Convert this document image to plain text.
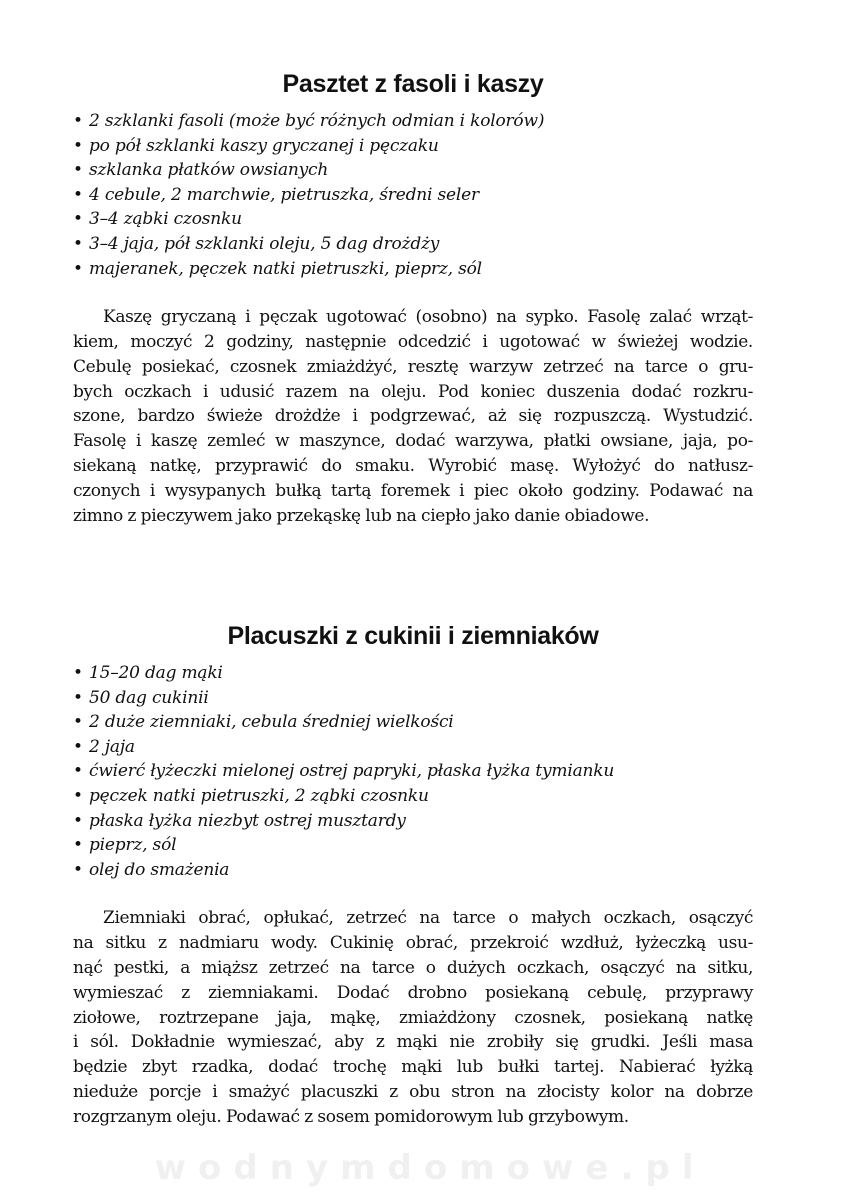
Pasztet z fasoli i kaszy
• 2 szklanki fasoli (może być różnych odmian i kolorów)
• po pół szklanki kaszy gryczanej i pęczaku
• szklanka płatków owsianych
• 4 cebule, 2 marchwie, pietruszka, średni seler
• 3–4 ząbki czosnku
• 3–4 jaja, pół szklanki oleju, 5 dag drożdży
• majeranek, pęczek natki pietruszki, pieprz, sól
Kaszę gryczaną i pęczak ugotować (osobno) na sypko. Fasolę zalać wrząt-
kiem, moczyć 2 godziny, następnie odcedzić i ugotować w świeżej wodzie.
Cebulę posiekać, czosnek zmiażdżyć, resztę warzyw zetrzeć na tarce o gru-
bych oczkach i udusić razem na oleju. Pod koniec duszenia dodać rozkru-
szone, bardzo świeże drożdże i podgrzewać, aż się rozpuszczą. Wystudzić.
Fasolę i kaszę zemleć w maszynce, dodać warzywa, płatki owsiane, jaja, po-
siekaną natkę, przyprawić do smaku. Wyrobić masę. Wyłożyć do natłusz-
czonych i wysypanych bułką tartą foremek i piec około godziny. Podawać na
zimno z pieczywem jako przekąskę lub na ciepło jako danie obiadowe.
Placuszki z cukinii i ziemniaków
• 15–20 dag mąki
• 50 dag cukinii
• 2 duże ziemniaki, cebula średniej wielkości
• 2 jaja
• ćwierć łyżeczki mielonej ostrej papryki, płaska łyżka tymianku
• pęczek natki pietruszki, 2 ząbki czosnku
• płaska łyżka niezbyt ostrej musztardy
• pieprz, sól
• olej do smażenia
Ziemniaki obrać, opłukać, zetrzeć na tarce o małych oczkach, osączyć
na sitku z nadmiaru wody. Cukinię obrać, przekroić wzdłuż, łyżeczką usu-
nąć pestki, a miąższ zetrzeć na tarce o dużych oczkach, osączyć na sitku,
wymieszać z ziemniakami. Dodać drobno posiekaną cebulę, przyprawy
ziołowe, roztrzepane jaja, mąkę, zmiażdżony czosnek, posiekaną natkę
i sól. Dokładnie wymieszać, aby z mąki nie zrobiły się grudki. Jeśli masa
będzie zbyt rzadka, dodać trochę mąki lub bułki tartej. Nabierać łyżką
nieduże porcje i smażyć placuszki z obu stron na złocisty kolor na dobrze
rozgrzanym oleju. Podawać z sosem pomidorowym lub grzybowym.
wodnymdomowe.pl
